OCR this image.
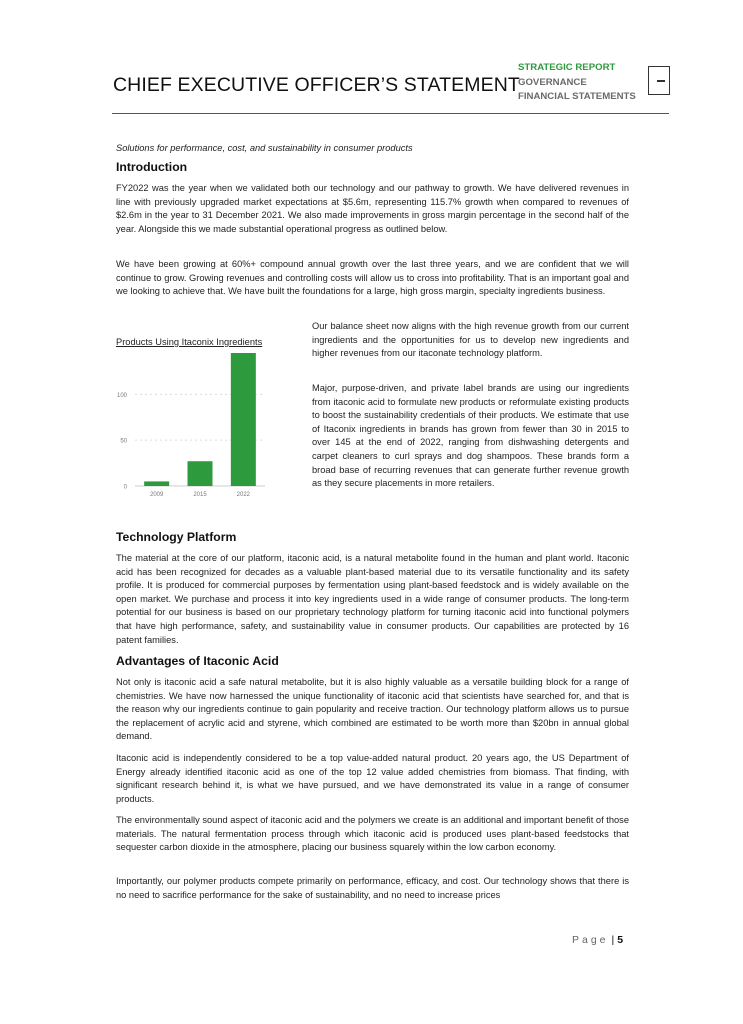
CHIEF EXECUTIVE OFFICER’S STATEMENT
STRATEGIC REPORT
GOVERNANCE
FINANCIAL STATEMENTS
Solutions for performance, cost, and sustainability in consumer products
Introduction

FY2022 was the year when we validated both our technology and our pathway to growth. We have delivered revenues in line with previously upgraded market expectations at $5.6m, representing 115.7% growth when compared to revenues of $2.6m in the year to 31 December 2021. We also made improvements in gross margin percentage in the second half of the year. Alongside this we made substantial operational progress as outlined below.

We have been growing at 60%+ compound annual growth over the last three years, and we are confident that we will continue to grow. Growing revenues and controlling costs will allow us to cross into profitability. That is an important goal and we looking to achieve that. We have built the foundations for a large, high gross margin, specialty ingredients business.

Products Using Itaconix Ingredients
0
50
100
2009	2015	2022

Our balance sheet now aligns with the high revenue growth from our current ingredients and the opportunities for us to develop new ingredients and higher revenues from our itaconate technology platform.

Major, purpose-driven, and private label brands are using our ingredients from itaconic acid to formulate new products or reformulate existing products to boost the sustainability credentials of their products. We estimate that use of Itaconix ingredients in brands has grown from fewer than 30 in 2015 to over 145 at the end of 2022, ranging from dishwashing detergents and carpet cleaners to curl sprays and dog shampoos. These brands form a broad base of recurring revenues that can generate further revenue growth as they secure placements in more retailers.

Technology Platform

The material at the core of our platform, itaconic acid, is a natural metabolite found in the human and plant world. Itaconic acid has been recognized for decades as a valuable plant-based material due to its versatile functionality and its safety profile. It is produced for commercial purposes by fermentation using plant-based feedstock and is widely available on the open market. We purchase and process it into key ingredients used in a wide range of consumer products. The long-term potential for our business is based on our proprietary technology platform for turning itaconic acid into functional polymers that have high performance, safety, and sustainability value in consumer products. Our capabilities are protected by 16 patent families.

Advantages of Itaconic Acid

Not only is itaconic acid a safe natural metabolite, but it is also highly valuable as a versatile building block for a range of chemistries. We have now harnessed the unique functionality of itaconic acid that scientists have searched for, and that is the reason why our ingredients continue to gain popularity and receive traction. Our technology platform allows us to pursue the replacement of acrylic acid and styrene, which combined are estimated to be worth more than $20bn in annual global demand.

Itaconic acid is independently considered to be a top value-added natural product. 20 years ago, the US Department of Energy already identified itaconic acid as one of the top 12 value added chemistries from biomass. That finding, with significant research behind it, is what we have pursued, and we have demonstrated its value in a range of consumer products.

The environmentally sound aspect of itaconic acid and the polymers we create is an additional and important benefit of those materials. The natural fermentation process through which itaconic acid is produced uses plant-based feedstocks that sequester carbon dioxide in the atmosphere, placing our business squarely within the low carbon economy.

Importantly, our polymer products compete primarily on performance, efficacy, and cost. Our technology shows that there is no need to sacrifice performance for the sake of sustainability, and no need to increase prices

Page | 5
